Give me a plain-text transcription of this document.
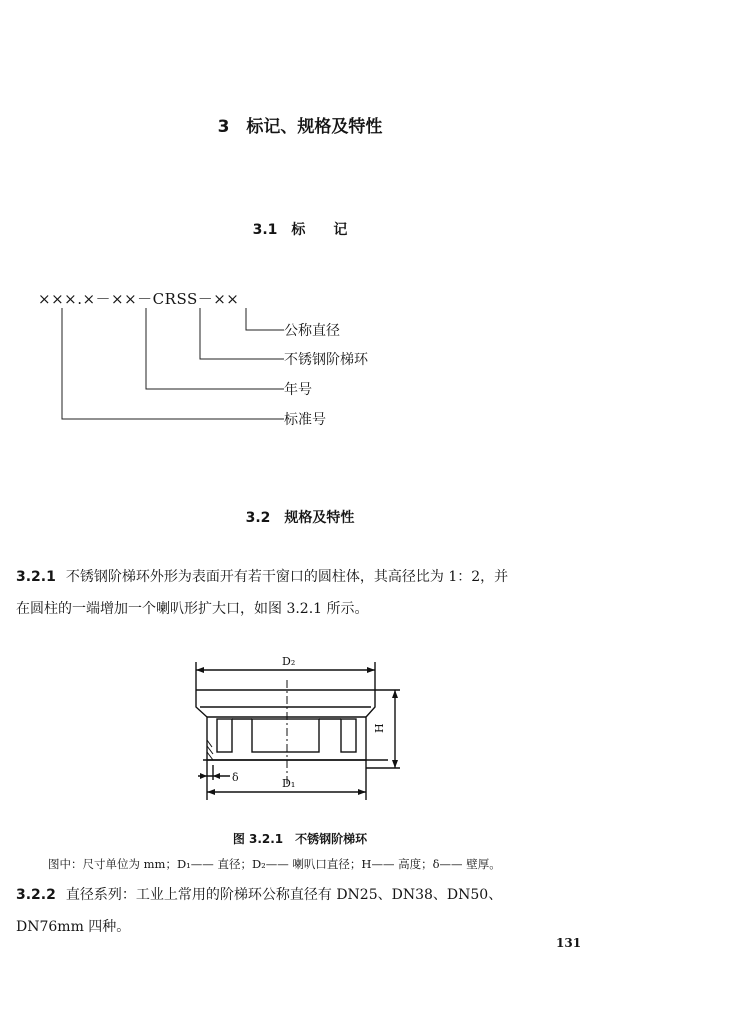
3　标记、规格及特性
3.1　标　　记
×××.×－××－CRSS－××
公称直径
不锈钢阶梯环
年号
标准号
3.2　规格及特性
3.2.1 不锈钢阶梯环外形为表面开有若干窗口的圆柱体，其高径比为 1：2，并
在圆柱的一端增加一个喇叭形扩大口，如图 3.2.1 所示。
D₂
D₁
H
δ
图 3.2.1　不锈钢阶梯环
图中：尺寸单位为 mm；D₁—— 直径；D₂—— 喇叭口直径；H—— 高度；δ—— 壁厚。
3.2.2 直径系列：工业上常用的阶梯环公称直径有 DN25、DN38、DN50、
DN76mm 四种。
131
